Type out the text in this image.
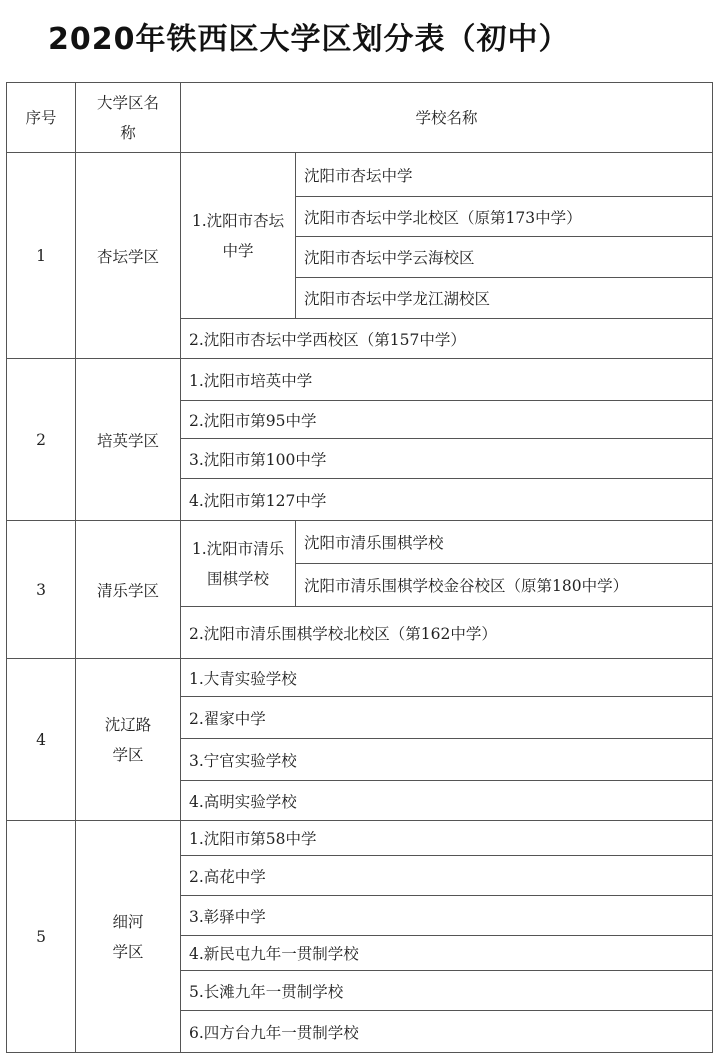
2020年铁西区大学区划分表（初中）
序号	大学区名称	学校名称	
1	杏坛学区	1.沈阳市杏坛中学	沈阳市杏坛中学
			沈阳市杏坛中学北校区（原第173中学）
			沈阳市杏坛中学云海校区
			沈阳市杏坛中学龙江湖校区
		2.沈阳市杏坛中学西校区（第157中学）	
2	培英学区	1.沈阳市培英中学	
		2.沈阳市第95中学	
		3.沈阳市第100中学	
		4.沈阳市第127中学	
3	清乐学区	1.沈阳市清乐围棋学校	沈阳市清乐围棋学校
			沈阳市清乐围棋学校金谷校区（原第180中学）
		2.沈阳市清乐围棋学校北校区（第162中学）	
4	沈辽路学区	1.大青实验学校	
		2.翟家中学	
		3.宁官实验学校	
		4.高明实验学校	
5	细河学区	1.沈阳市第58中学	
		2.高花中学	
		3.彰驿中学	
		4.新民屯九年一贯制学校	
		5.长滩九年一贯制学校	
		6.四方台九年一贯制学校	
